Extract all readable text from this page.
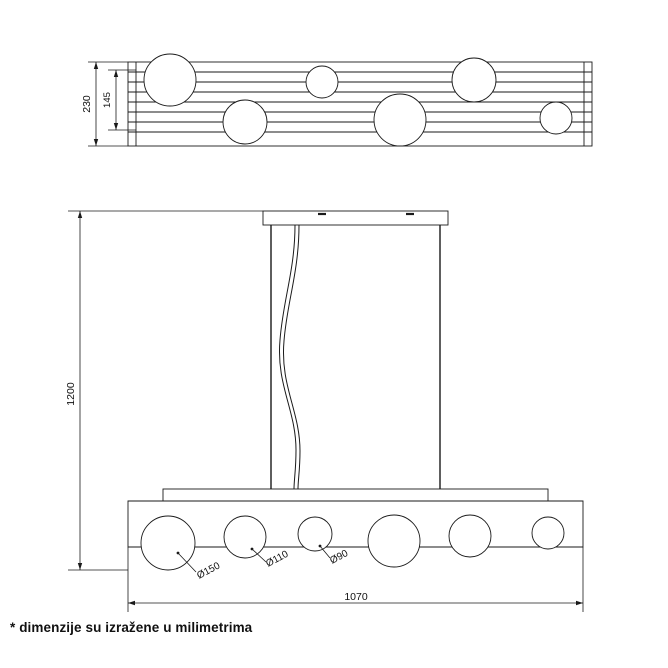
230 145
Ø150
Ø110	Ø90
1200
1070
* dimenzije su izražene u milimetrima
